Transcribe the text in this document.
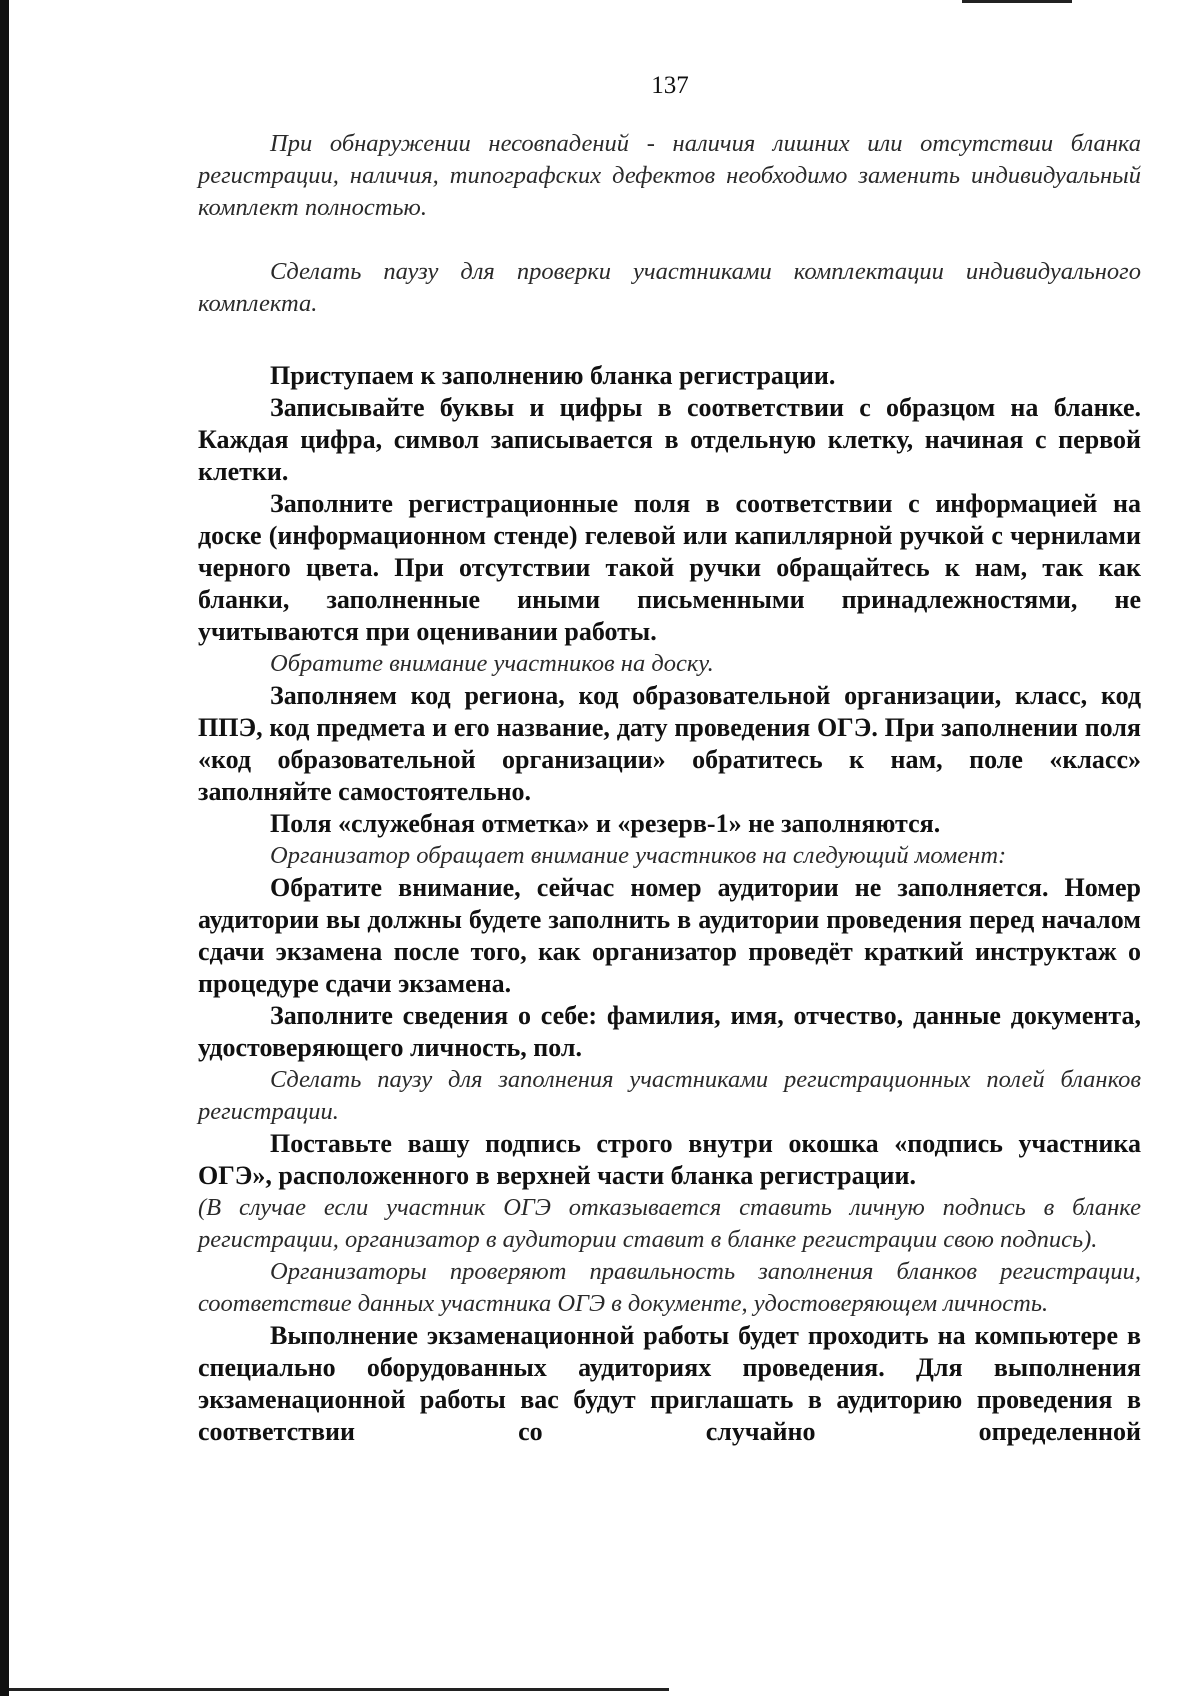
137

При обнаружении несовпадений - наличия лишних или отсутствии бланка регистрации, наличия, типографских дефектов необходимо заменить индивидуальный комплект полностью.

Сделать паузу для проверки участниками комплектации индивидуального комплекта.

Приступаем к заполнению бланка регистрации.

Записывайте буквы и цифры в соответствии с образцом на бланке. Каждая цифра, символ записывается в отдельную клетку, начиная с первой клетки.

Заполните регистрационные поля в соответствии с информацией на доске (информационном стенде) гелевой или капиллярной ручкой с чернилами черного цвета. При отсутствии такой ручки обращайтесь к нам, так как бланки, заполненные иными письменными принадлежностями, не учитываются при оценивании работы.

Обратите внимание участников на доску.

Заполняем код региона, код образовательной организации, класс, код ППЭ, код предмета и его название, дату проведения ОГЭ. При заполнении поля «код образовательной организации» обратитесь к нам, поле «класс» заполняйте самостоятельно.

Поля «служебная отметка» и «резерв-1» не заполняются.

Организатор обращает внимание участников на следующий момент:

Обратите внимание, сейчас номер аудитории не заполняется. Номер аудитории вы должны будете заполнить в аудитории проведения перед началом сдачи экзамена после того, как организатор проведёт краткий инструктаж о процедуре сдачи экзамена.

Заполните сведения о себе: фамилия, имя, отчество, данные документа, удостоверяющего личность, пол.

Сделать паузу для заполнения участниками регистрационных полей бланков регистрации.

Поставьте вашу подпись строго внутри окошка «подпись участника ОГЭ», расположенного в верхней части бланка регистрации.

(В случае если участник ОГЭ отказывается ставить личную подпись в бланке регистрации, организатор в аудитории ставит в бланке регистрации свою подпись).

Организаторы проверяют правильность заполнения бланков регистрации, соответствие данных участника ОГЭ в документе, удостоверяющем личность.

Выполнение экзаменационной работы будет проходить на компьютере в специально оборудованных аудиториях проведения. Для выполнения экзаменационной работы вас будут приглашать в аудиторию проведения в соответствии со случайно определенной
